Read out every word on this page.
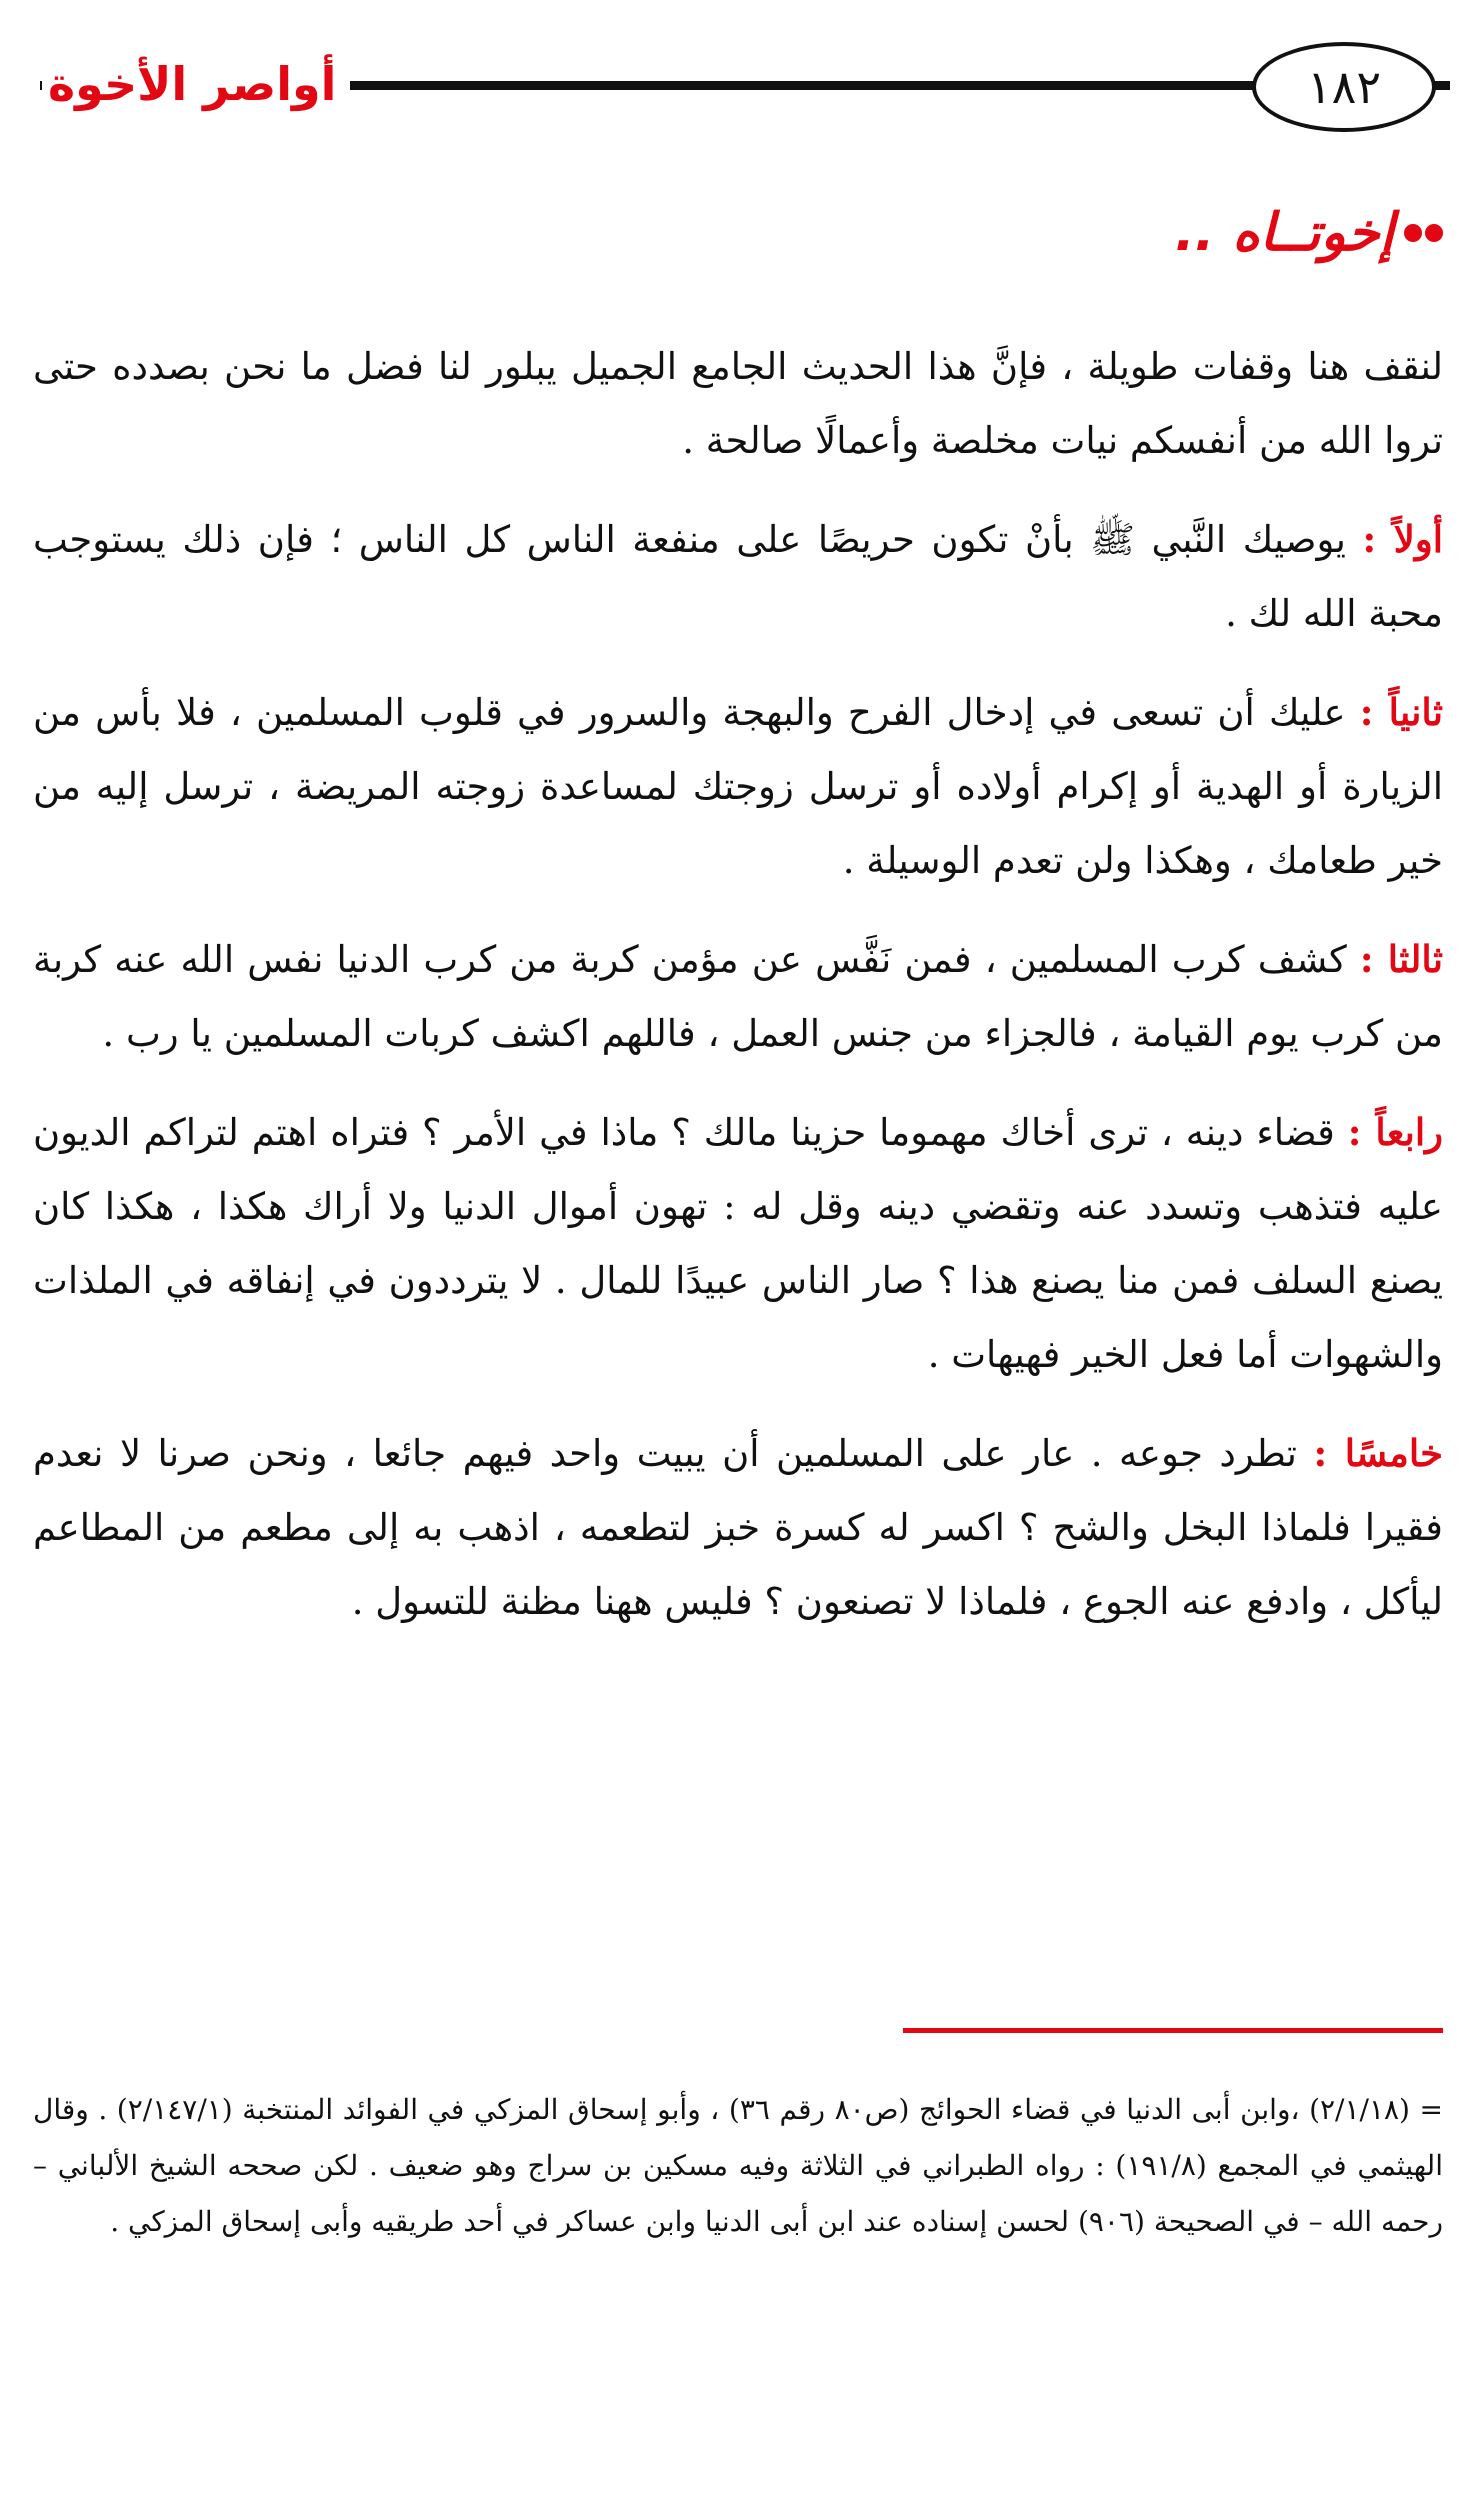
أواصر الأخوة	١٨٢
إخوتــاه ..

لنقف هنا وقفات طويلة ، فإنَّ هذا الحديث الجامع الجميل يبلور لنا فضل ما نحن بصدده حتى تروا الله من أنفسكم نيات مخلصة وأعمالًا صالحة .

أولاً : يوصيك النَّبي ﷺ بأنْ تكون حريصًا على منفعة الناس كل الناس ؛ فإن ذلك يستوجب محبة الله لك .

ثانياً : عليك أن تسعى في إدخال الفرح والبهجة والسرور في قلوب المسلمين ، فلا بأس من الزيارة أو الهدية أو إكرام أولاده أو ترسل زوجتك لمساعدة زوجته المريضة ، ترسل إليه من خير طعامك ، وهكذا ولن تعدم الوسيلة .

ثالثا : كشف كرب المسلمين ، فمن نَفَّس عن مؤمن كربة من كرب الدنيا نفس الله عنه كربة من كرب يوم القيامة ، فالجزاء من جنس العمل ، فاللهم اكشف كربات المسلمين يا رب .

رابعاً : قضاء دينه ، ترى أخاك مهموما حزينا مالك ؟ ماذا في الأمر ؟ فتراه اهتم لتراكم الديون عليه فتذهب وتسدد عنه وتقضي دينه وقل له : تهون أموال الدنيا ولا أراك هكذا ، هكذا كان يصنع السلف فمن منا يصنع هذا ؟ صار الناس عبيدًا للمال . لا يترددون في إنفاقه في الملذات والشهوات أما فعل الخير فهيهات .

خامسًا : تطرد جوعه . عار على المسلمين أن يبيت واحد فيهم جائعا ، ونحن صرنا لا نعدم فقيرا فلماذا البخل والشح ؟ اكسر له كسرة خبز لتطعمه ، اذهب به إلى مطعم من المطاعم ليأكل ، وادفع عنه الجوع ، فلماذا لا تصنعون ؟ فليس ههنا مظنة للتسول .

= (٢/١/١٨) ،وابن أبى الدنيا في قضاء الحوائج (ص٨٠ رقم ٣٦) ، وأبو إسحاق المزكي في الفوائد المنتخبة (٢/١٤٧/١) . وقال الهيثمي في المجمع (١٩١/٨) : رواه الطبراني في الثلاثة وفيه مسكين بن سراج وهو ضعيف . لكن صححه الشيخ الألباني – رحمه الله – في الصحيحة (٩٠٦) لحسن إسناده عند ابن أبى الدنيا وابن عساكر في أحد طريقيه وأبى إسحاق المزكي .
